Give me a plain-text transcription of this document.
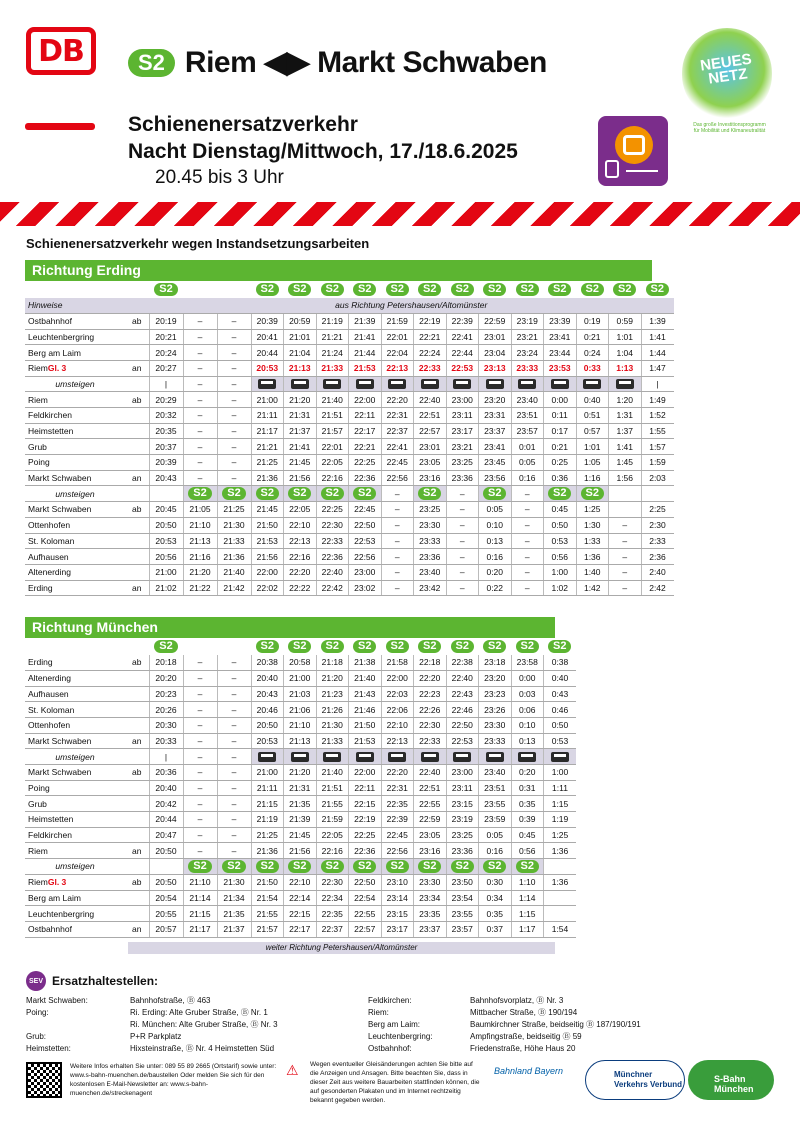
DB	S2 Riem ◀▶ Markt Schwaben
Schienenersatzverkehr
Nacht Dienstag/Mittwoch, 17./18.6.2025
20.45 bis 3 Uhr
NEUES NETZ
Das große Investitionsprogramm für Mobilität und Klimaneutralität
Schienenersatzverkehr wegen Instandsetzungsarbeiten
Richtung Erding
		S2			S2	S2	S2	S2	S2	S2	S2	S2	S2	S2	S2	S2	S2
Hinweise		aus Richtung Petershausen/Altomünster															
Ostbahnhof	ab	20:19	–	–	20:39	20:59	21:19	21:39	21:59	22:19	22:39	22:59	23:19	23:39	0:19	0:59	1:39
Leuchtenbergring		20:21	–	–	20:41	21:01	21:21	21:41	22:01	22:21	22:41	23:01	23:21	23:41	0:21	1:01	1:41
Berg am Laim		20:24	–	–	20:44	21:04	21:24	21:44	22:04	22:24	22:44	23:04	23:24	23:44	0:24	1:04	1:44
RiemGl. 3	an	20:27	–	–	20:53	21:13	21:33	21:53	22:13	22:33	22:53	23:13	23:33	23:53	0:33	1:13	1:47
umsteigen		|	–	–													|
Riem	ab	20:29	–	–	21:00	21:20	21:40	22:00	22:20	22:40	23:00	23:20	23:40	0:00	0:40	1:20	1:49
Feldkirchen		20:32	–	–	21:11	21:31	21:51	22:11	22:31	22:51	23:11	23:31	23:51	0:11	0:51	1:31	1:52
Heimstetten		20:35	–	–	21:17	21:37	21:57	22:17	22:37	22:57	23:17	23:37	23:57	0:17	0:57	1:37	1:55
Grub		20:37	–	–	21:21	21:41	22:01	22:21	22:41	23:01	23:21	23:41	0:01	0:21	1:01	1:41	1:57
Poing		20:39	–	–	21:25	21:45	22:05	22:25	22:45	23:05	23:25	23:45	0:05	0:25	1:05	1:45	1:59
Markt Schwaben	an	20:43	–	–	21:36	21:56	22:16	22:36	22:56	23:16	23:36	23:56	0:16	0:36	1:16	1:56	2:03
umsteigen			S2	S2	S2	S2	S2	S2	–	S2	–	S2	–	S2	S2		
Markt Schwaben	ab	20:45	21:05	21:25	21:45	22:05	22:25	22:45	–	23:25	–	0:05	–	0:45	1:25		2:25
Ottenhofen		20:50	21:10	21:30	21:50	22:10	22:30	22:50	–	23:30	–	0:10	–	0:50	1:30	–	2:30
St. Koloman		20:53	21:13	21:33	21:53	22:13	22:33	22:53	–	23:33	–	0:13	–	0:53	1:33	–	2:33
Aufhausen		20:56	21:16	21:36	21:56	22:16	22:36	22:56	–	23:36	–	0:16	–	0:56	1:36	–	2:36
Altenerding		21:00	21:20	21:40	22:00	22:20	22:40	23:00	–	23:40	–	0:20	–	1:00	1:40	–	2:40
Erding	an	21:02	21:22	21:42	22:02	22:22	22:42	23:02	–	23:42	–	0:22	–	1:02	1:42	–	2:42
Richtung München
		S2			S2	S2	S2	S2	S2	S2	S2	S2	S2	S2
Erding	ab	20:18	–	–	20:38	20:58	21:18	21:38	21:58	22:18	22:38	23:18	23:58	0:38
Altenerding		20:20	–	–	20:40	21:00	21:20	21:40	22:00	22:20	22:40	23:20	0:00	0:40
Aufhausen		20:23	–	–	20:43	21:03	21:23	21:43	22:03	22:23	22:43	23:23	0:03	0:43
St. Koloman		20:26	–	–	20:46	21:06	21:26	21:46	22:06	22:26	22:46	23:26	0:06	0:46
Ottenhofen		20:30	–	–	20:50	21:10	21:30	21:50	22:10	22:30	22:50	23:30	0:10	0:50
Markt Schwaben	an	20:33	–	–	20:53	21:13	21:33	21:53	22:13	22:33	22:53	23:33	0:13	0:53
umsteigen		|	–	–										
Markt Schwaben	ab	20:36	–	–	21:00	21:20	21:40	22:00	22:20	22:40	23:00	23:40	0:20	1:00
Poing		20:40	–	–	21:11	21:31	21:51	22:11	22:31	22:51	23:11	23:51	0:31	1:11
Grub		20:42	–	–	21:15	21:35	21:55	22:15	22:35	22:55	23:15	23:55	0:35	1:15
Heimstetten		20:44	–	–	21:19	21:39	21:59	22:19	22:39	22:59	23:19	23:59	0:39	1:19
Feldkirchen		20:47	–	–	21:25	21:45	22:05	22:25	22:45	23:05	23:25	0:05	0:45	1:25
Riem	an	20:50	–	–	21:36	21:56	22:16	22:36	22:56	23:16	23:36	0:16	0:56	1:36
umsteigen			S2	S2	S2	S2	S2	S2	S2	S2	S2	S2	S2	
RiemGl. 3	ab	20:50	21:10	21:30	21:50	22:10	22:30	22:50	23:10	23:30	23:50	0:30	1:10	1:36
Berg am Laim		20:54	21:14	21:34	21:54	22:14	22:34	22:54	23:14	23:34	23:54	0:34	1:14	
Leuchtenbergring		20:55	21:15	21:35	21:55	22:15	22:35	22:55	23:15	23:35	23:55	0:35	1:15	
Ostbahnhof	an	20:57	21:17	21:37	21:57	22:17	22:37	22:57	23:17	23:37	23:57	0:37	1:17	1:54
weiter Richtung Petershausen/Altomünster
SEV Ersatzhaltestellen:
Markt Schwaben:	Bahnhofstraße, Ⓑ 463
Poing:	Ri. Erding: Alte Gruber Straße, Ⓑ Nr. 1
Ri. München: Alte Gruber Straße, Ⓑ Nr. 3
Grub:	P+R Parkplatz
Heimstetten:	Hixsteinstraße, Ⓑ Nr. 4 Heimstetten Süd
Feldkirchen:	Bahnhofsvorplatz, Ⓑ Nr. 3
Riem:	Mittbacher Straße, Ⓑ 190/194
Berg am Laim:	Baumkirchner Straße, beidseitig Ⓑ 187/190/191
Leuchtenbergring:	Ampfingstraße, beidseitig Ⓑ 59
Ostbahnhof:	Friedenstraße, Höhe Haus 20
Weitere Infos erhalten Sie unter: 089 55 89 2665 (Ortstarif) sowie unter: www.s-bahn-muenchen.de/baustellen Oder melden Sie sich für den kostenlosen E-Mail-Newsletter an: www.s-bahn-muenchen.de/streckenagent
⚠ Wegen eventueller Gleisänderungen achten Sie bitte auf die Anzeigen und Ansagen. Bitte beachten Sie, dass in dieser Zeit aus weitere Bauarbeiten stattfinden können, die auf gesonderten Plakaten und im Internet rechtzeitig bekannt gegeben werden.
Bahnland Bayern	Münchner Verkehrs Verbund
S-Bahn München
